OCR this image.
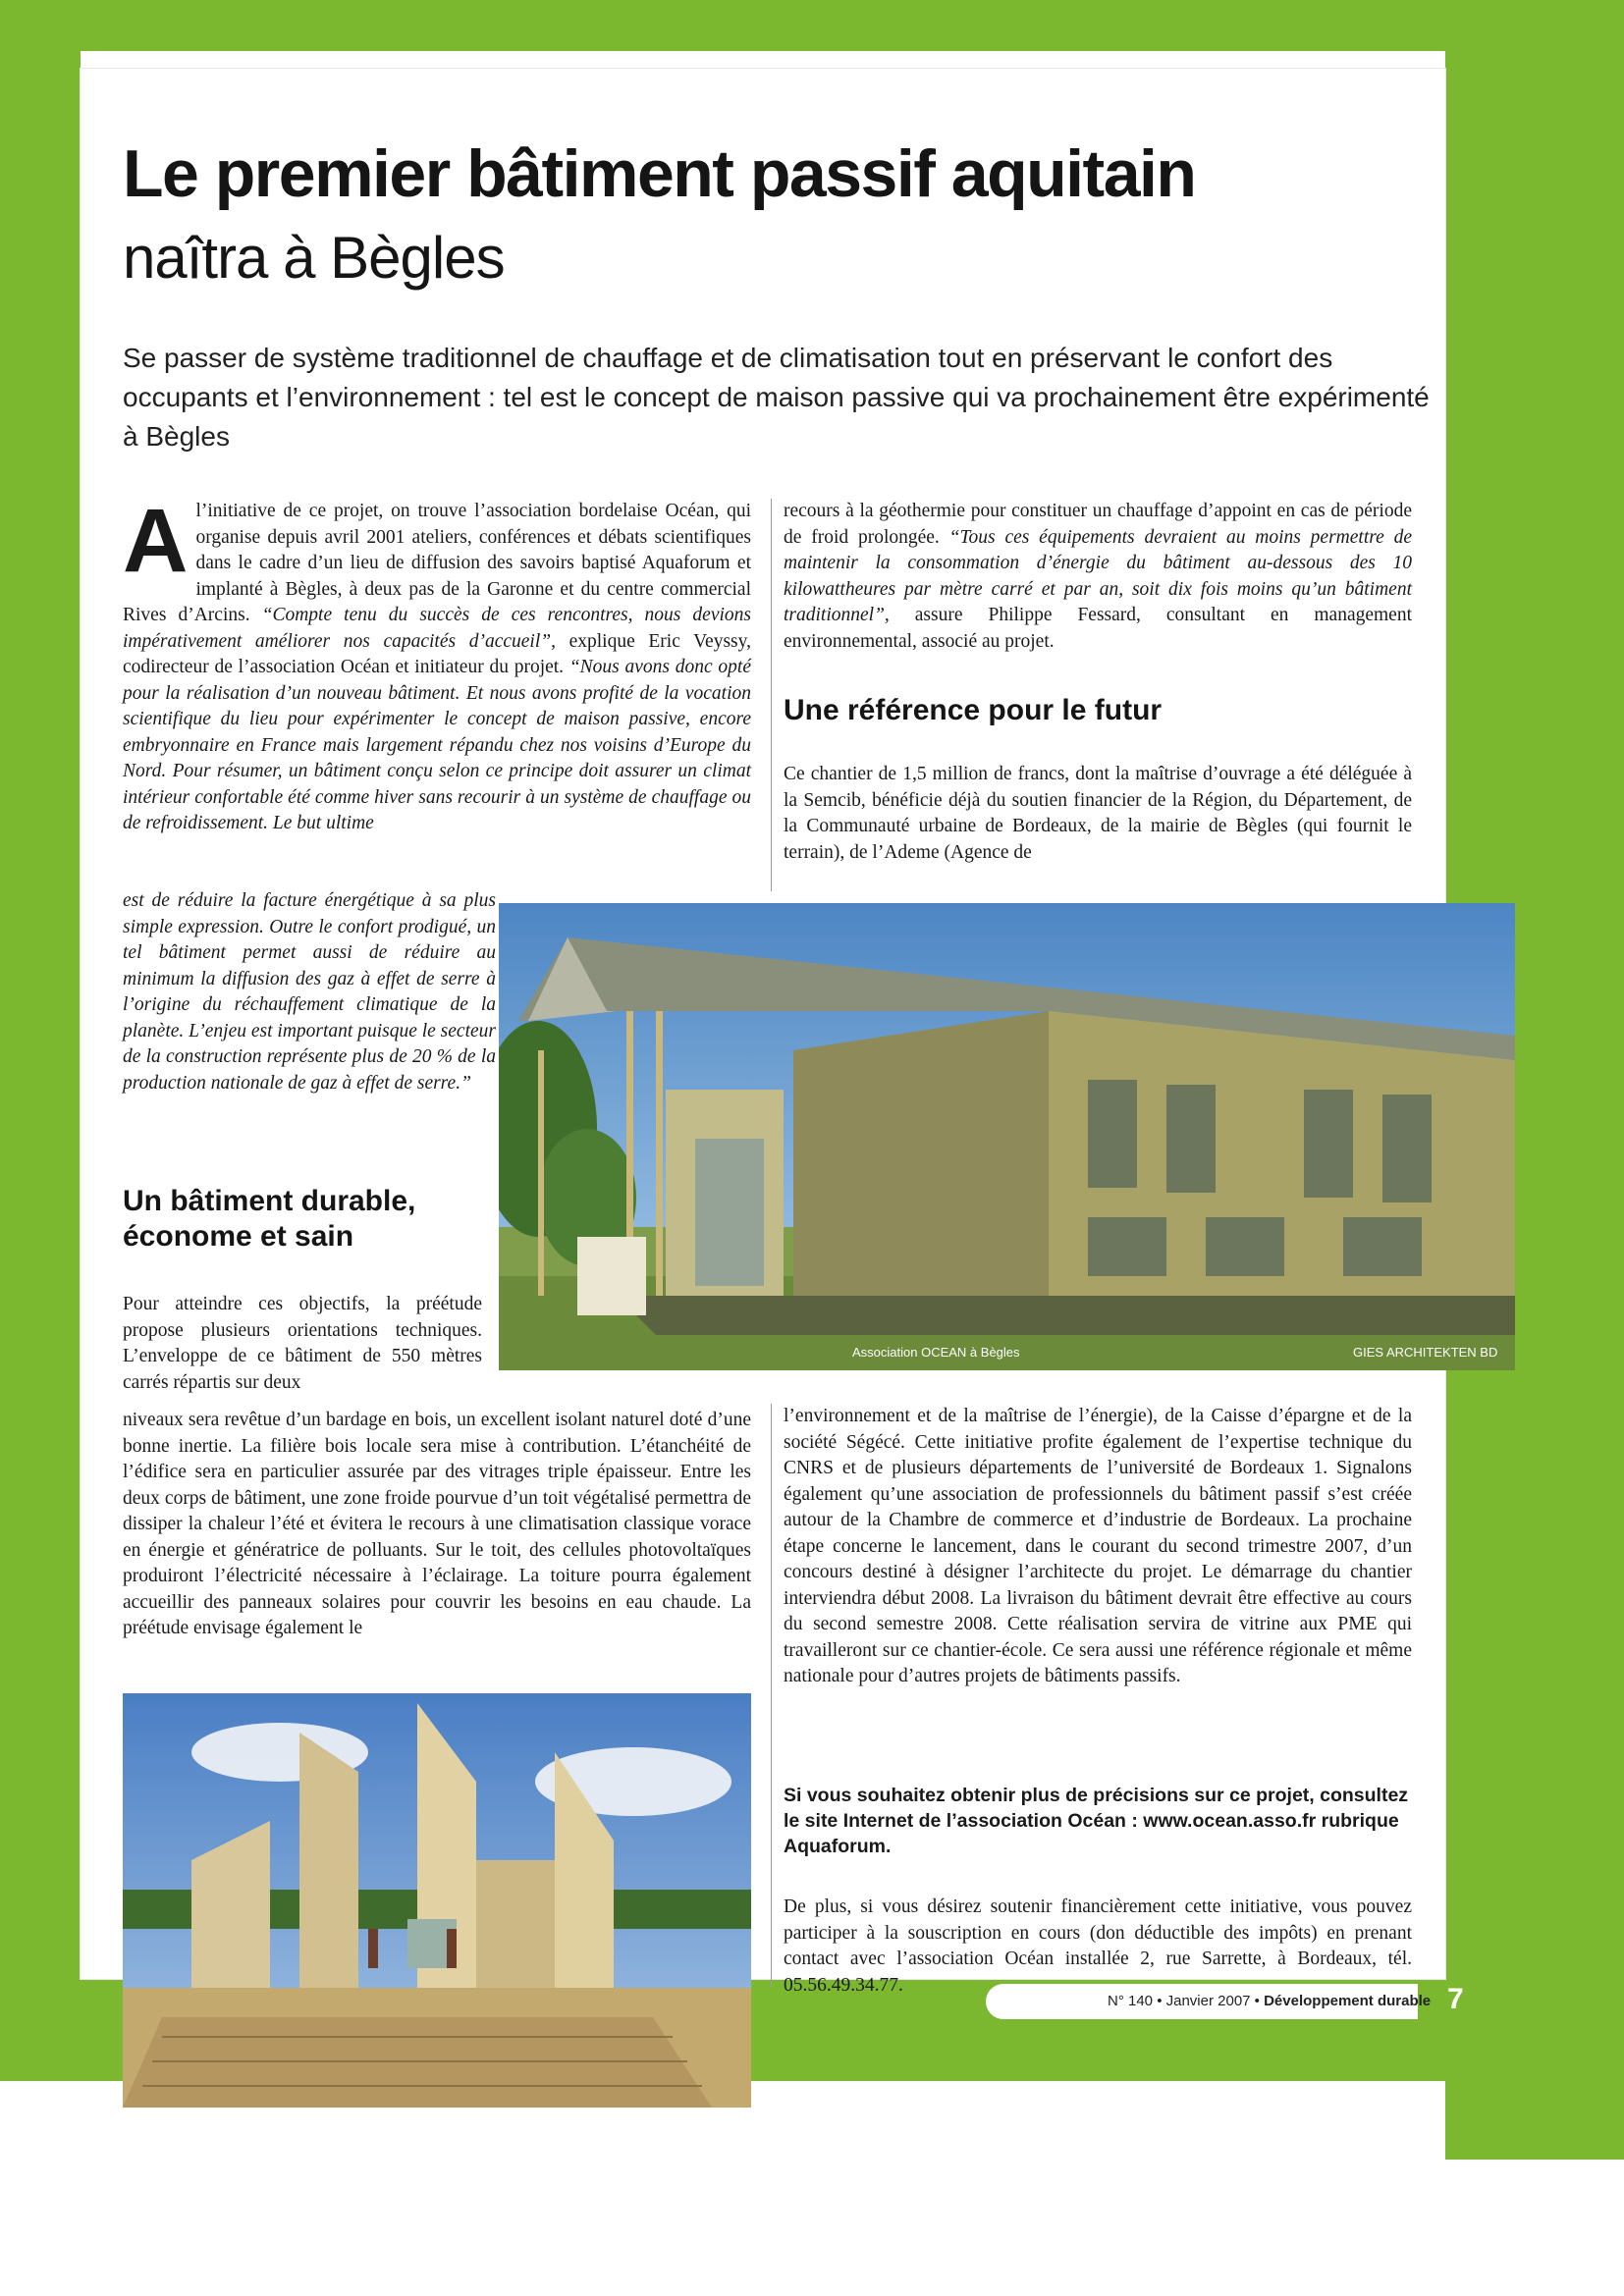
Le premier bâtiment passif aquitain
naîtra à Bègles
Se passer de système traditionnel de chauffage et de climatisation tout en préservant le confort des occupants et l’environnement : tel est le concept de maison passive qui va prochainement être expérimenté à Bègles

Al’initiative de ce projet, on trouve l’association bordelaise Océan, qui organise depuis avril 2001 ateliers, conférences et débats scientifiques dans le cadre d’un lieu de diffusion des savoirs baptisé Aquaforum et implanté à Bègles, à deux pas de la Garonne et du centre commercial Rives d’Arcins. “Compte tenu du succès de ces rencontres, nous devions impérativement améliorer nos capacités d’accueil”, explique Eric Veyssy, codirecteur de l’association Océan et initiateur du projet. “Nous avons donc opté pour la réalisation d’un nouveau bâtiment. Et nous avons profité de la vocation scientifique du lieu pour expérimenter le concept de maison passive, encore embryonnaire en France mais largement répandu chez nos voisins d’Europe du Nord. Pour résumer, un bâtiment conçu selon ce principe doit assurer un climat intérieur confortable été comme hiver sans recourir à un système de chauffage ou de refroidissement. Le but ultime

est de réduire la facture énergétique à sa plus simple expression. Outre le confort prodigué, un tel bâtiment permet aussi de réduire au minimum la diffusion des gaz à effet de serre à l’origine du réchauffement climatique de la planète. L’enjeu est important puisque le secteur de la construction représente plus de 20 % de la production nationale de gaz à effet de serre.”

Un bâtiment durable, économe et sain

Pour atteindre ces objectifs, la préétude propose plusieurs orientations techniques. L’enveloppe de ce bâtiment de 550 mètres carrés répartis sur deux

niveaux sera revêtue d’un bardage en bois, un excellent isolant naturel doté d’une bonne inertie. La filière bois locale sera mise à contribution. L’étanchéité de l’édifice sera en particulier assurée par des vitrages triple épaisseur. Entre les deux corps de bâtiment, une zone froide pourvue d’un toit végétalisé permettra de dissiper la chaleur l’été et évitera le recours à une climatisation classique vorace en énergie et génératrice de polluants. Sur le toit, des cellules photovoltaïques produiront l’électricité nécessaire à l’éclairage. La toiture pourra également accueillir des panneaux solaires pour couvrir les besoins en eau chaude. La préétude envisage également le

recours à la géothermie pour constituer un chauffage d’appoint en cas de période de froid prolongée. “Tous ces équipements devraient au moins permettre de maintenir la consommation d’énergie du bâtiment au-dessous des 10 kilowattheures par mètre carré et par an, soit dix fois moins qu’un bâtiment traditionnel”, assure Philippe Fessard, consultant en management environnemental, associé au projet.

Une référence pour le futur

Ce chantier de 1,5 million de francs, dont la maîtrise d’ouvrage a été déléguée à la Semcib, bénéficie déjà du soutien financier de la Région, du Département, de la Communauté urbaine de Bordeaux, de la mairie de Bègles (qui fournit le terrain), de l’Ademe (Agence de

Association OCEAN à Bègles	GIES ARCHITEKTEN BD

l’environnement et de la maîtrise de l’énergie), de la Caisse d’épargne et de la société Ségécé. Cette initiative profite également de l’expertise technique du CNRS et de plusieurs départements de l’université de Bordeaux 1. Signalons également qu’une association de professionnels du bâtiment passif s’est créée autour de la Chambre de commerce et d’industrie de Bordeaux. La prochaine étape concerne le lancement, dans le courant du second trimestre 2007, d’un concours destiné à désigner l’architecte du projet. Le démarrage du chantier interviendra début 2008. La livraison du bâtiment devrait être effective au cours du second semestre 2008. Cette réalisation servira de vitrine aux PME qui travailleront sur ce chantier-école. Ce sera aussi une référence régionale et même nationale pour d’autres projets de bâtiments passifs.

Si vous souhaitez obtenir plus de précisions sur ce projet, consultez le site Internet de l’association Océan : www.ocean.asso.fr rubrique Aquaforum.

De plus, si vous désirez soutenir financièrement cette initiative, vous pouvez participer à la souscription en cours (don déductible des impôts) en prenant contact avec l’association Océan installée 2, rue Sarrette, à Bordeaux, tél. 05.56.49.34.77.

N° 140 • Janvier 2007 • Développement durable 7
